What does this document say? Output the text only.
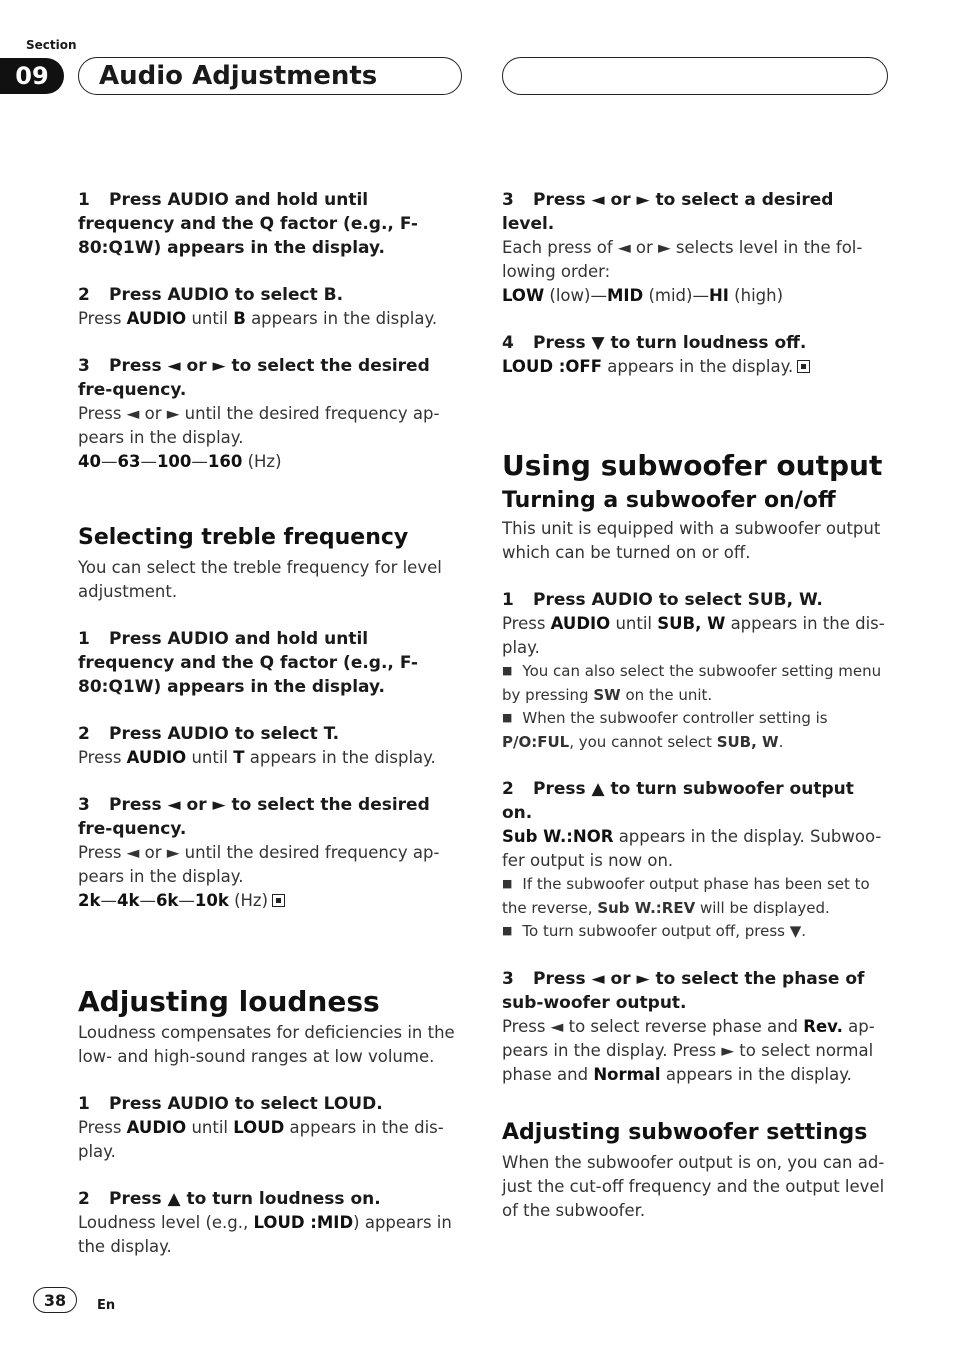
Section
09	Audio Adjustments

1 Press AUDIO and hold until frequency and the Q factor (e.g., F- 80:Q1W) appears in the display.

2 Press AUDIO to select B.

Press AUDIO until B appears in the display.

3 Press ◄ or ► to select the desired fre-quency.

Press ◄ or ► until the desired frequency ap-pears in the display.

40—63—100—160 (Hz)

Selecting treble frequency

You can select the treble frequency for level adjustment.

1 Press AUDIO and hold until frequency and the Q factor (e.g., F- 80:Q1W) appears in the display.

2 Press AUDIO to select T.

Press AUDIO until T appears in the display.

3 Press ◄ or ► to select the desired fre-quency.

Press ◄ or ► until the desired frequency ap-pears in the display.

2k—4k—6k—10k (Hz)

Adjusting loudness

Loudness compensates for deficiencies in the low- and high-sound ranges at low volume.

1 Press AUDIO to select LOUD.

Press AUDIO until LOUD appears in the dis-play.

2 Press ▲ to turn loudness on.

Loudness level (e.g., LOUD :MID) appears in the display.

3 Press ◄ or ► to select a desired level.

Each press of ◄ or ► selects level in the fol-lowing order:

LOW (low)—MID (mid)—HI (high)

4 Press ▼ to turn loudness off.

LOUD :OFF appears in the display.

Using subwoofer output

Turning a subwoofer on/off

This unit is equipped with a subwoofer output which can be turned on or off.

1 Press AUDIO to select SUB, W.

Press AUDIO until SUB, W appears in the dis-play.

■ You can also select the subwoofer setting menu by pressing SW on the unit.

■ When the subwoofer controller setting is P/O:FUL, you cannot select SUB, W.

2 Press ▲ to turn subwoofer output on.

Sub W.:NOR appears in the display. Subwoo-fer output is now on.

■ If the subwoofer output phase has been set to the reverse, Sub W.:REV will be displayed.

■ To turn subwoofer output off, press ▼.

3 Press ◄ or ► to select the phase of sub-woofer output.

Press ◄ to select reverse phase and Rev. ap-pears in the display. Press ► to select normal phase and Normal appears in the display.

Adjusting subwoofer settings

When the subwoofer output is on, you can ad-just the cut-off frequency and the output level of the subwoofer.

38	En
